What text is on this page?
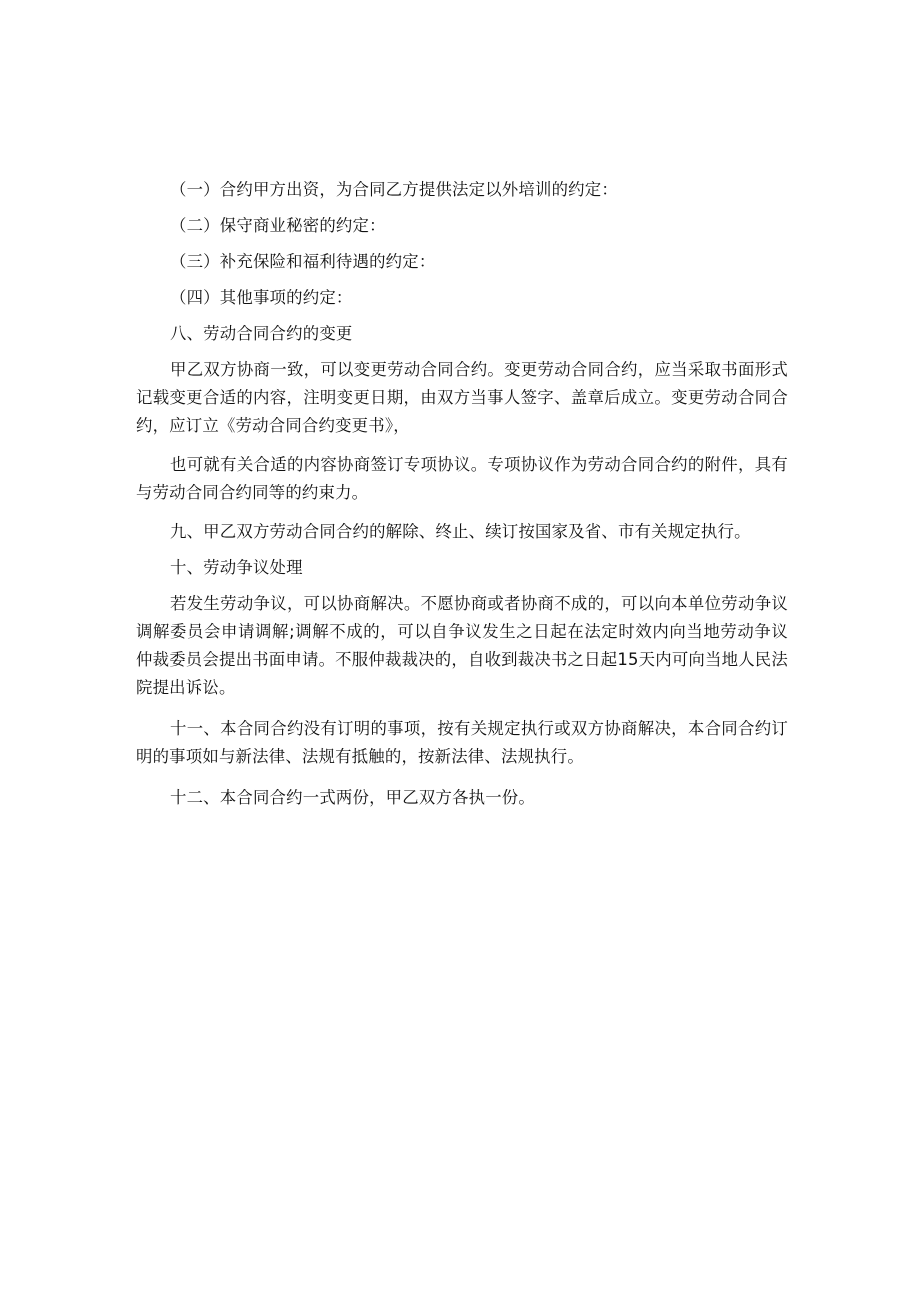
（一）合约甲方出资，为合同乙方提供法定以外培训的约定：

（二）保守商业秘密的约定：

（三）补充保险和福利待遇的约定：

（四）其他事项的约定：

八、劳动合同合约的变更

甲乙双方协商一致，可以变更劳动合同合约。变更劳动合同合约，应当采取书面形式记载变更合适的内容，注明变更日期，由双方当事人签字、盖章后成立。变更劳动合同合约，应订立《劳动合同合约变更书》，

也可就有关合适的内容协商签订专项协议。专项协议作为劳动合同合约的附件，具有与劳动合同合约同等的约束力。

九、甲乙双方劳动合同合约的解除、终止、续订按国家及省、市有关规定执行。

十、劳动争议处理

若发生劳动争议，可以协商解决。不愿协商或者协商不成的，可以向本单位劳动争议调解委员会申请调解;调解不成的，可以自争议发生之日起在法定时效内向当地劳动争议仲裁委员会提出书面申请。不服仲裁裁决的，自收到裁决书之日起15天内可向当地人民法院提出诉讼。

十一、本合同合约没有订明的事项，按有关规定执行或双方协商解决，本合同合约订明的事项如与新法律、法规有抵触的，按新法律、法规执行。

十二、本合同合约一式两份，甲乙双方各执一份。
